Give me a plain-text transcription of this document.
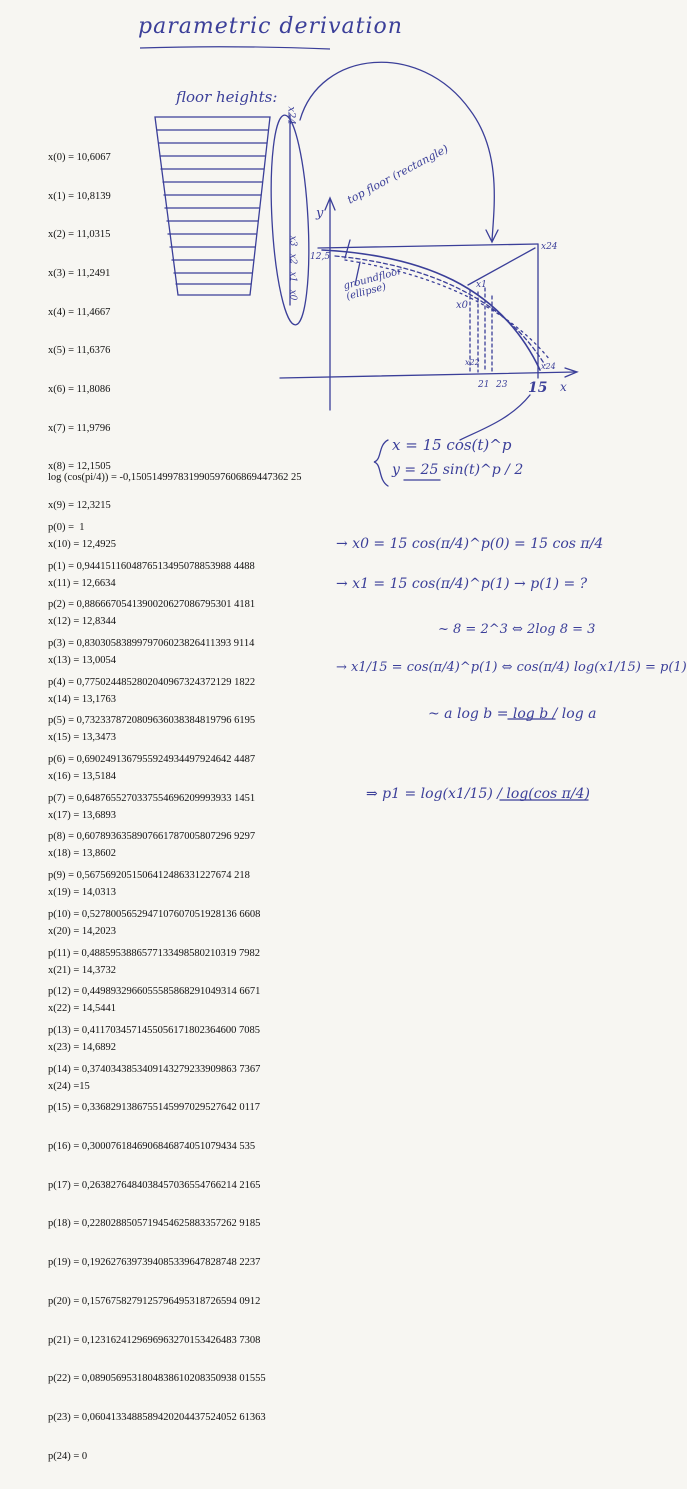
parametric derivation
floor heights:
x24
x0
x1
x2
x3
top floor (rectangle)
groundfloor (ellipse)
y
12,5
x
x0
x1
x24
x22
21 23 15
x24

x(0) = 10,6067

x(1) = 10,8139

x(2) = 11,0315

x(3) = 11,2491

x(4) = 11,4667

x(5) = 11,6376

x(6) = 11,8086

x(7) = 11,9796

x(8) = 12,1505

x(9) = 12,3215

x(10) = 12,4925

x(11) = 12,6634

x(12) = 12,8344

x(13) = 13,0054

x(14) = 13,1763

x(15) = 13,3473

x(16) = 13,5184

x(17) = 13,6893

x(18) = 13,8602

x(19) = 14,0313

x(20) = 14,2023

x(21) = 14,3732

x(22) = 14,5441

x(23) = 14,6892

x(24) =15

log (cos(pi/4)) = -0,150514997831990597606869447362 25

p(0) =  1

p(1) = 0,9441511604876513495078853988 4488

p(2) = 0,8866670541390020627086795301 4181

p(3) = 0,8303058389979706023826411393 9114

p(4) = 0,7750244852802040967324372129 1822

p(5) = 0,7323378720809636038384819796 6195

p(6) = 0,6902491367955924934497924642 4487

p(7) = 0,6487655270337554696209993933 1451

p(8) = 0,6078936358907661787005807296 9297

p(9) = 0,5675692051506412486331227674 218

p(10) = 0,5278005652947107607051928136 6608

p(11) = 0,4885953886577133498580210319 7982

p(12) = 0,4498932966055585868291049314 6671

p(13) = 0,4117034571455056171802364600 7085

p(14) = 0,3740343853409143279233909863 7367

p(15) = 0,3368291386755145997029527642 0117

p(16) = 0,3000761846906846874051079434 535

p(17) = 0,2638276484038457036554766214 2165

p(18) = 0,2280288505719454625883357262 9185

p(19) = 0,1926276397394085339647828748 2237

p(20) = 0,1576758279125796495318726594 0912

p(21) = 0,1231624129696963270153426483 7308

p(22) = 0,0890569531804838610208350938 01555

p(23) = 0,0604133488589420204437524052 61363

p(24) = 0

x = 15 cos(t)^p
y = 25 sin(t)^p / 2
→ x0 = 15 cos(π/4)^p(0) = 15 cos π/4
→ x1 = 15 cos(π/4)^p(1) → p(1) = ?
~ 8 = 2^3 ⇔ 2log 8 = 3
→ x1/15 = cos(π/4)^p(1) ⇔ cos(π/4) log(x1/15) = p(1)
~ a log b = log b / log a
⇒ p1 = log(x1/15) / log(cos π/4)
